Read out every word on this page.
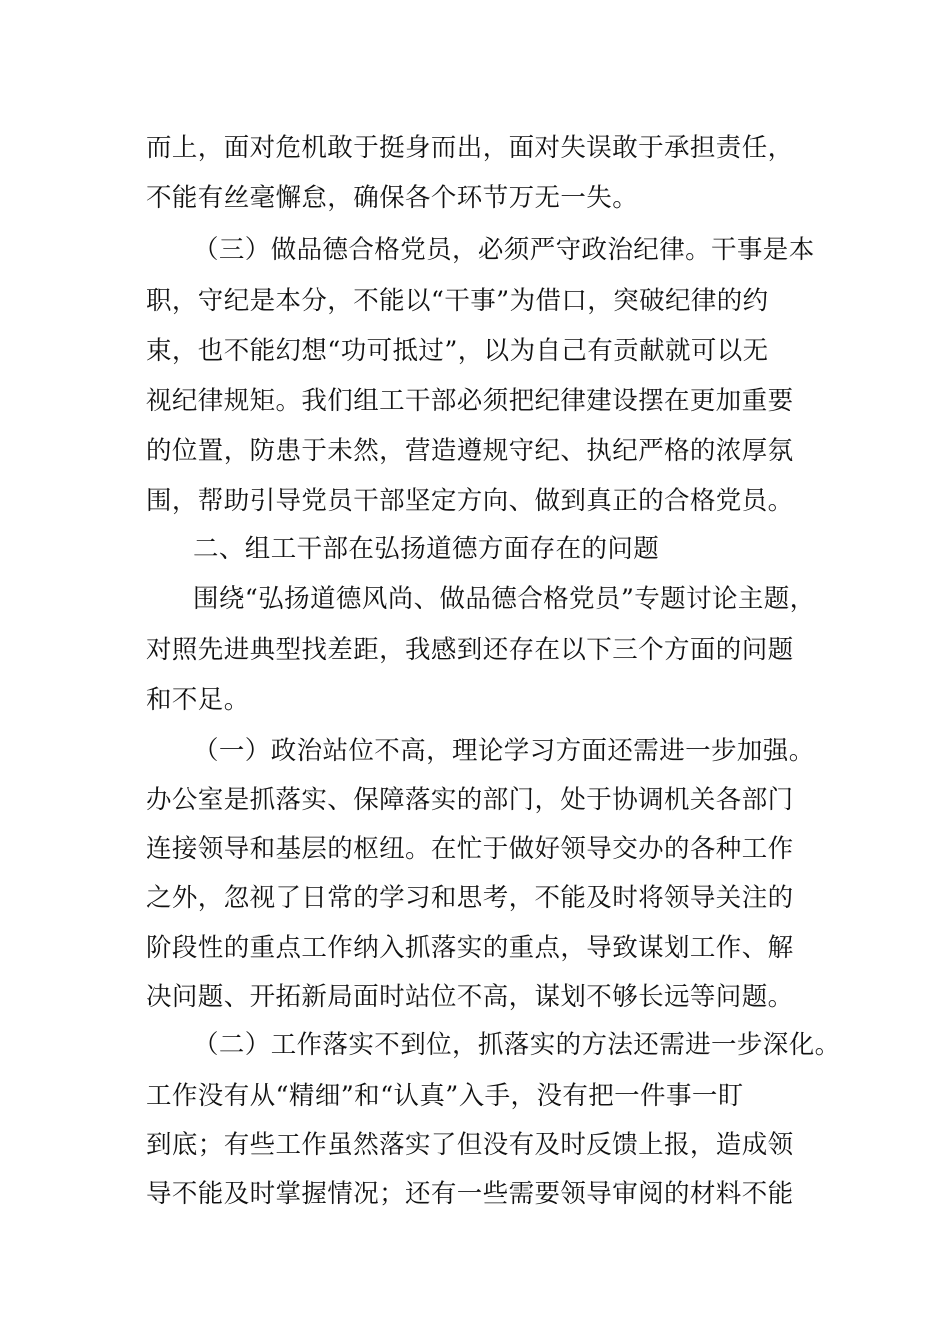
而上，面对危机敢于挺身而出，面对失误敢于承担责任，
不能有丝毫懈怠，确保各个环节万无一失。
（三）做品德合格党员，必须严守政治纪律。干事是本
职，守纪是本分，不能以“干事”为借口，突破纪律的约
束，也不能幻想“功可抵过”，以为自己有贡献就可以无
视纪律规矩。我们组工干部必须把纪律建设摆在更加重要
的位置，防患于未然，营造遵规守纪、执纪严格的浓厚氛
围，帮助引导党员干部坚定方向、做到真正的合格党员。
二、组工干部在弘扬道德方面存在的问题
围绕“弘扬道德风尚、做品德合格党员”专题讨论主题，
对照先进典型找差距，我感到还存在以下三个方面的问题
和不足。
（一）政治站位不高，理论学习方面还需进一步加强。
办公室是抓落实、保障落实的部门，处于协调机关各部门
连接领导和基层的枢纽。在忙于做好领导交办的各种工作
之外，忽视了日常的学习和思考，不能及时将领导关注的
阶段性的重点工作纳入抓落实的重点，导致谋划工作、解
决问题、开拓新局面时站位不高，谋划不够长远等问题。
（二）工作落实不到位，抓落实的方法还需进一步深化。
工作没有从“精细”和“认真”入手，没有把一件事一盯
到底；有些工作虽然落实了但没有及时反馈上报，造成领
导不能及时掌握情况；还有一些需要领导审阅的材料不能
